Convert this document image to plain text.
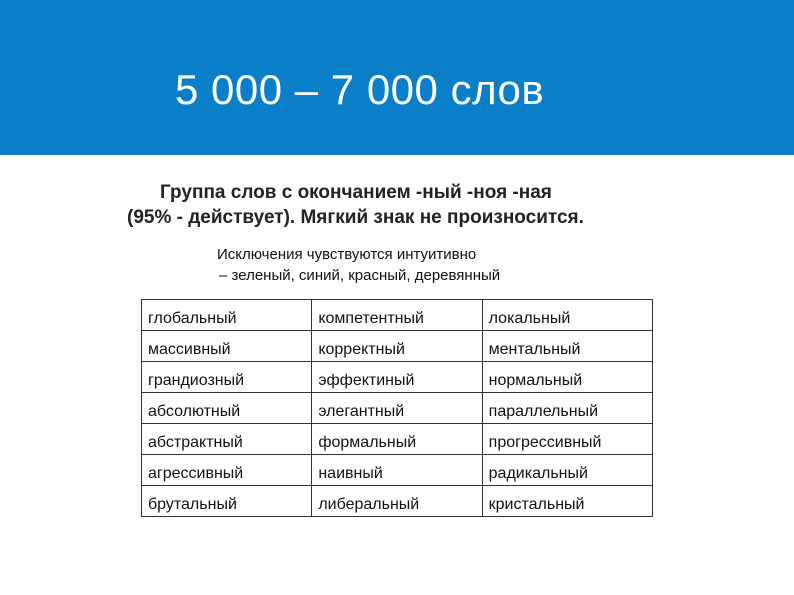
5 000 – 7 000 слов
Группа слов с окончанием -ный -ноя -ная
(95% - действует). Мягкий знак не произносится.
Исключения чувствуются интуитивно
– зеленый, синий, красный, деревянный
глобальный	компетентный	локальный
массивный	корректный	ментальный
грандиозный	эффектиный	нормальный
абсолютный	элегантный	параллельный
абстрактный	формальный	прогрессивный
агрессивный	наивный	радикальный
брутальный	либеральный	кристальный
